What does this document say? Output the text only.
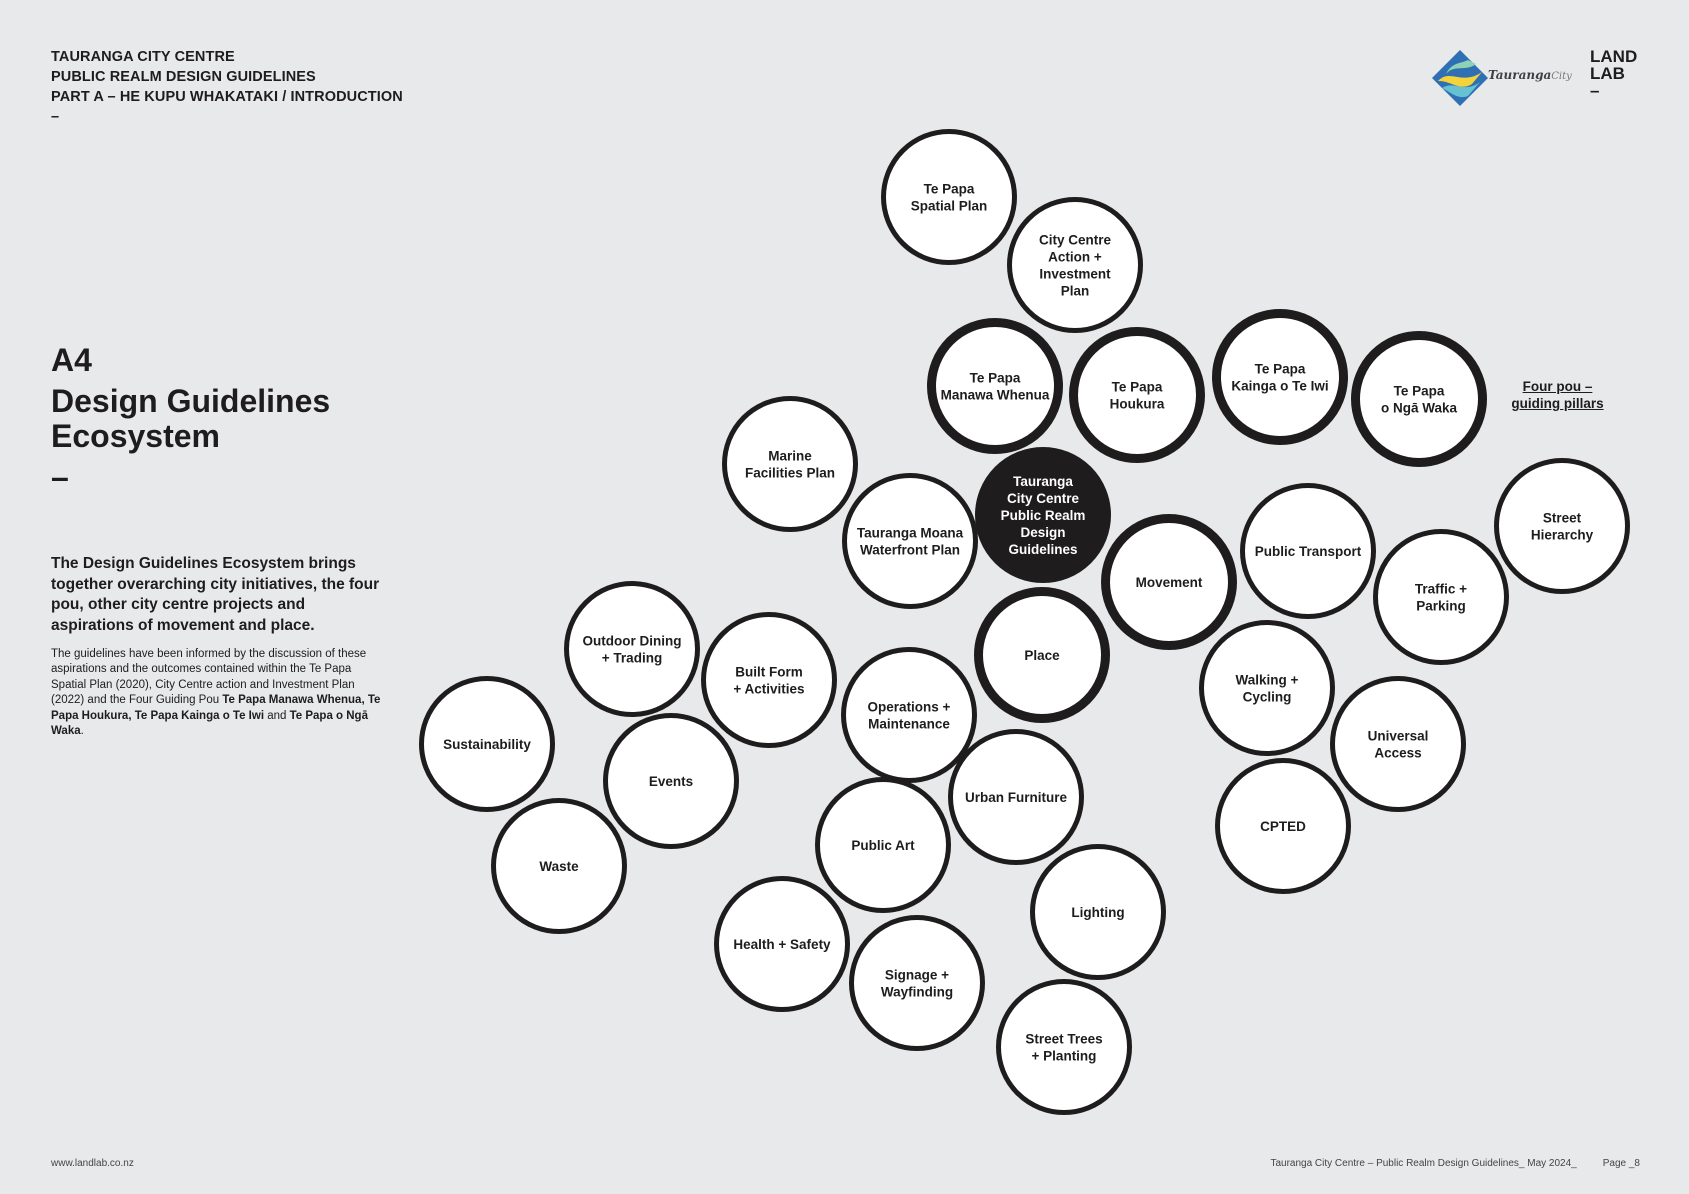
TAURANGA CITY CENTRE
PUBLIC REALM DESIGN GUIDELINES
PART A – HE KUPU WHAKATAKI / INTRODUCTION
–
TaurangaCity
LAND
LAB
–
A4
Design Guidelines
Ecosystem
–
The Design Guidelines Ecosystem brings together overarching city initiatives, the four pou, other city centre projects and aspirations of movement and place.
The guidelines have been informed by the discussion of these aspirations and the outcomes contained within the Te Papa Spatial Plan (2020), City Centre action and Investment Plan (2022) and the Four Guiding Pou Te Papa Manawa Whenua, Te Papa Houkura, Te Papa Kainga o Te Iwi and Te Papa o Ngā Waka.
Te Papa
Spatial Plan
City Centre
Action +
Investment
Plan
Te Papa
Manawa Whenua
Te Papa
Houkura
Te Papa
Kainga o Te Iwi	Te Papa
o Ngā Waka
Marine
Facilities Plan
Tauranga Moana
Waterfront Plan
Tauranga
City Centre
Public Realm
Design
Guidelines
Movement
Public Transport
Street
Hierarchy
Traffic +
Parking
Place
Outdoor Dining
+ Trading
Built Form
+ Activities
Operations +
Maintenance
Walking +
Cycling
Sustainability
Events
Universal
Access
Urban Furniture
Public Art
CPTED
Waste
Lighting
Health + Safety
Signage +
Wayfinding
Street Trees
+ Planting
Four pou –
guiding pillars
www.landlab.co.nz	Tauranga City Centre – Public Realm Design Guidelines_ May 2024_	Page _8
